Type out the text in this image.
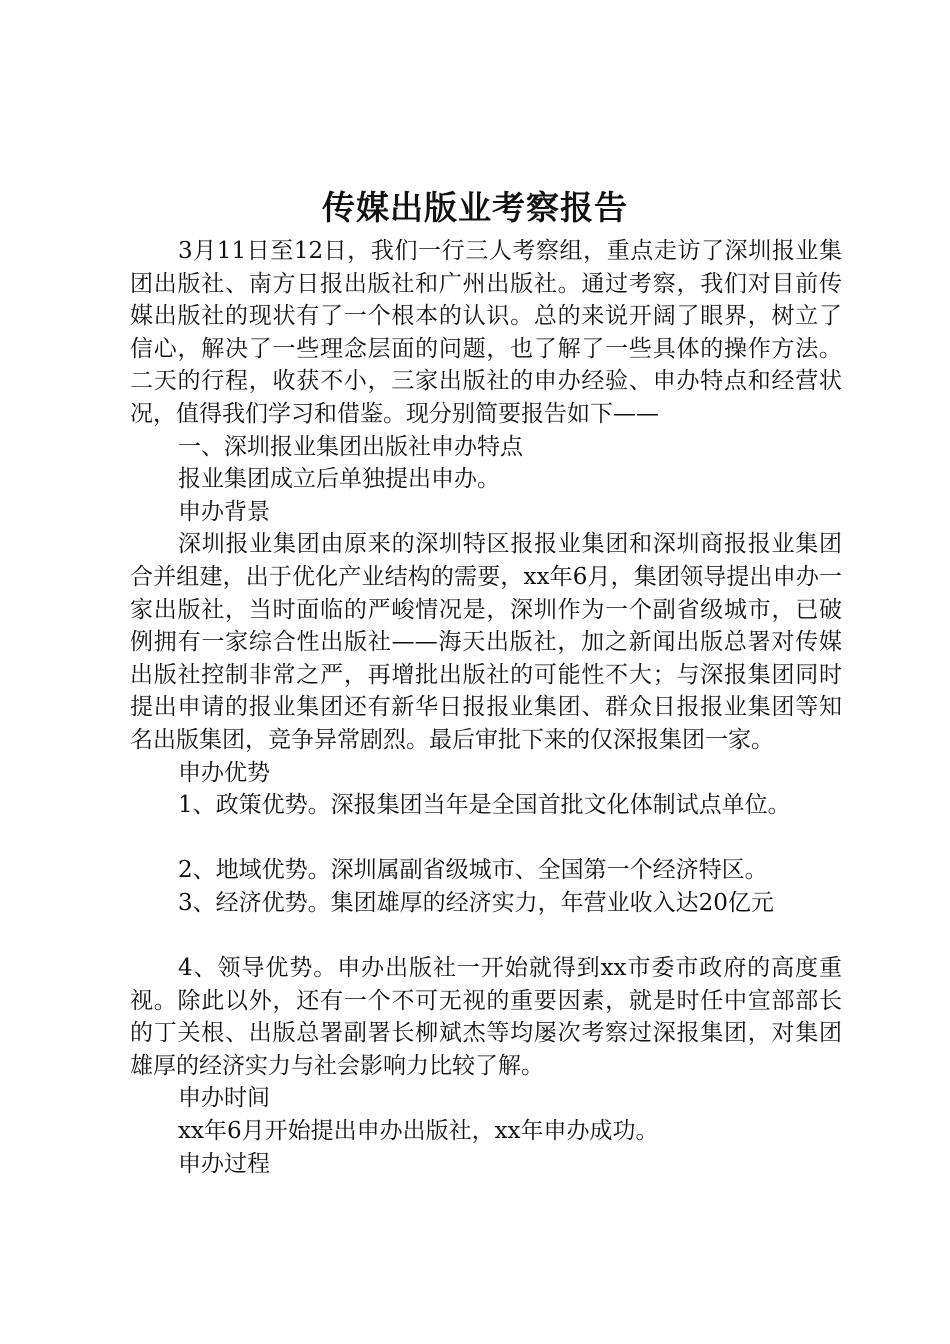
传媒出版业考察报告

3月11日至12日，我们一行三人考察组，重点走访了深圳报业集团出版社、南方日报出版社和广州出版社。通过考察，我们对目前传媒出版社的现状有了一个根本的认识。总的来说开阔了眼界，树立了信心，解决了一些理念层面的问题，也了解了一些具体的操作方法。二天的行程，收获不小，三家出版社的申办经验、申办特点和经营状况，值得我们学习和借鉴。现分别简要报告如下——

一、深圳报业集团出版社申办特点

报业集团成立后单独提出申办。

申办背景

深圳报业集团由原来的深圳特区报报业集团和深圳商报报业集团合并组建，出于优化产业结构的需要，xx年6月，集团领导提出申办一家出版社，当时面临的严峻情况是，深圳作为一个副省级城市，已破例拥有一家综合性出版社——海天出版社，加之新闻出版总署对传媒出版社控制非常之严，再增批出版社的可能性不大；与深报集团同时提出申请的报业集团还有新华日报报业集团、群众日报报业集团等知名出版集团，竞争异常剧烈。最后审批下来的仅深报集团一家。

申办优势

1、政策优势。深报集团当年是全国首批文化体制试点单位。

2、地域优势。深圳属副省级城市、全国第一个经济特区。

3、经济优势。集团雄厚的经济实力，年营业收入达20亿元

4、领导优势。申办出版社一开始就得到xx市委市政府的高度重视。除此以外，还有一个不可无视的重要因素，就是时任中宣部部长的丁关根、出版总署副署长柳斌杰等均屡次考察过深报集团，对集团雄厚的经济实力与社会影响力比较了解。

申办时间

xx年6月开始提出申办出版社，xx年申办成功。

申办过程
